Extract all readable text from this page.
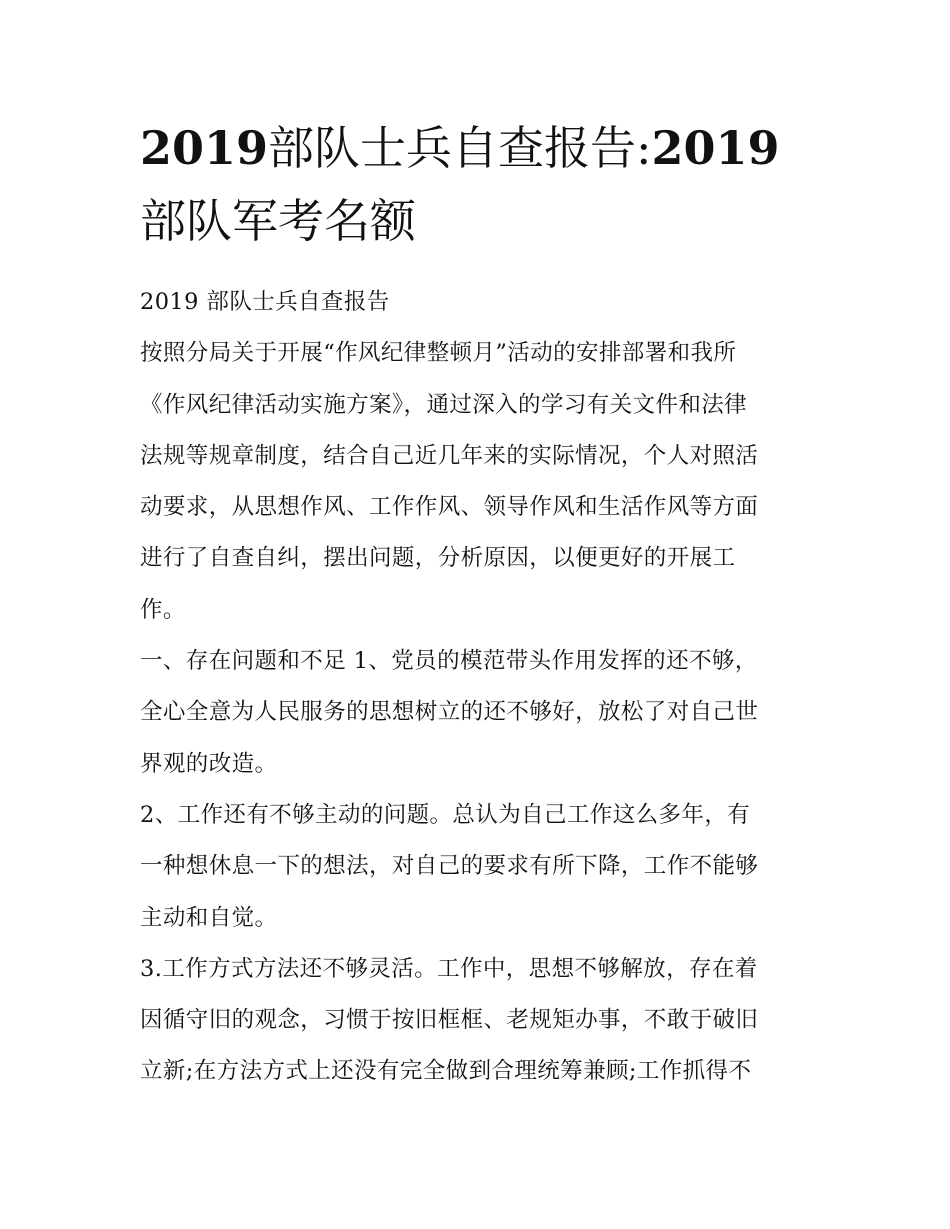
2019部队士兵自查报告:2019
部队军考名额
2019 部队士兵自查报告
按照分局关于开展“作风纪律整顿月”活动的安排部署和我所
《作风纪律活动实施方案》，通过深入的学习有关文件和法律
法规等规章制度，结合自己近几年来的实际情况，个人对照活
动要求，从思想作风、工作作风、领导作风和生活作风等方面
进行了自查自纠，摆出问题，分析原因，以便更好的开展工
作。
一、存在问题和不足 1、党员的模范带头作用发挥的还不够，
全心全意为人民服务的思想树立的还不够好，放松了对自己世
界观的改造。
2、工作还有不够主动的问题。总认为自己工作这么多年，有
一种想休息一下的想法，对自己的要求有所下降，工作不能够
主动和自觉。
3.工作方式方法还不够灵活。工作中，思想不够解放，存在着
因循守旧的观念，习惯于按旧框框、老规矩办事，不敢于破旧
立新;在方法方式上还没有完全做到合理统筹兼顾;工作抓得不
